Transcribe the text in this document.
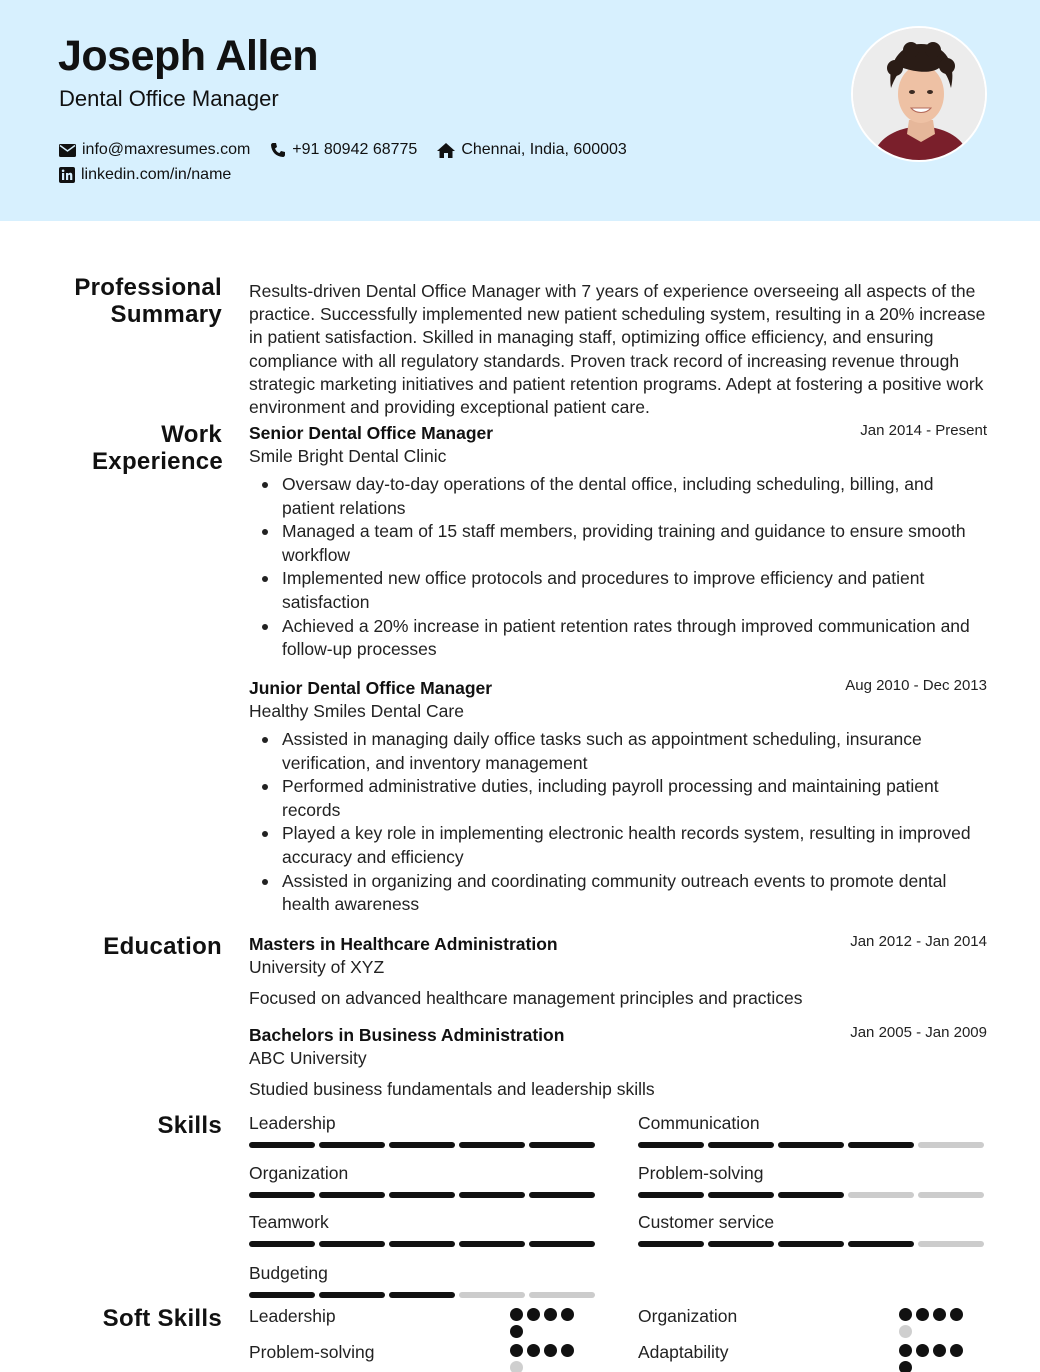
Joseph Allen
Dental Office Manager
info@maxresumes.com	+91 80942 68775	Chennai, India, 600003
linkedin.com/in/name
Professional Summary
Work Experience
Education
Skills
Soft Skills
Results-driven Dental Office Manager with 7 years of experience overseeing all aspects of the practice. Successfully implemented new patient scheduling system, resulting in a 20% increase in patient satisfaction. Skilled in managing staff, optimizing office efficiency, and ensuring compliance with all regulatory standards. Proven track record of increasing revenue through strategic marketing initiatives and patient retention programs. Adept at fostering a positive work environment and providing exceptional patient care.
Senior Dental Office Manager	Jan 2014 - Present
Smile Bright Dental Clinic
Oversaw day-to-day operations of the dental office, including scheduling, billing, and patient relations
Managed a team of 15 staff members, providing training and guidance to ensure smooth workflow
Implemented new office protocols and procedures to improve efficiency and patient satisfaction
Achieved a 20% increase in patient retention rates through improved communication and follow-up processes
Junior Dental Office Manager	Aug 2010 - Dec 2013
Healthy Smiles Dental Care
Assisted in managing daily office tasks such as appointment scheduling, insurance verification, and inventory management
Performed administrative duties, including payroll processing and maintaining patient records
Played a key role in implementing electronic health records system, resulting in improved accuracy and efficiency
Assisted in organizing and coordinating community outreach events to promote dental health awareness
Masters in Healthcare Administration	Jan 2012 - Jan 2014
University of XYZ
Focused on advanced healthcare management principles and practices
Bachelors in Business Administration	Jan 2005 - Jan 2009
ABC University
Studied business fundamentals and leadership skills
Leadership	Communication
Organization	Problem-solving
Teamwork	Customer service
Budgeting
Leadership	Organization
Problem-solving	Adaptability
